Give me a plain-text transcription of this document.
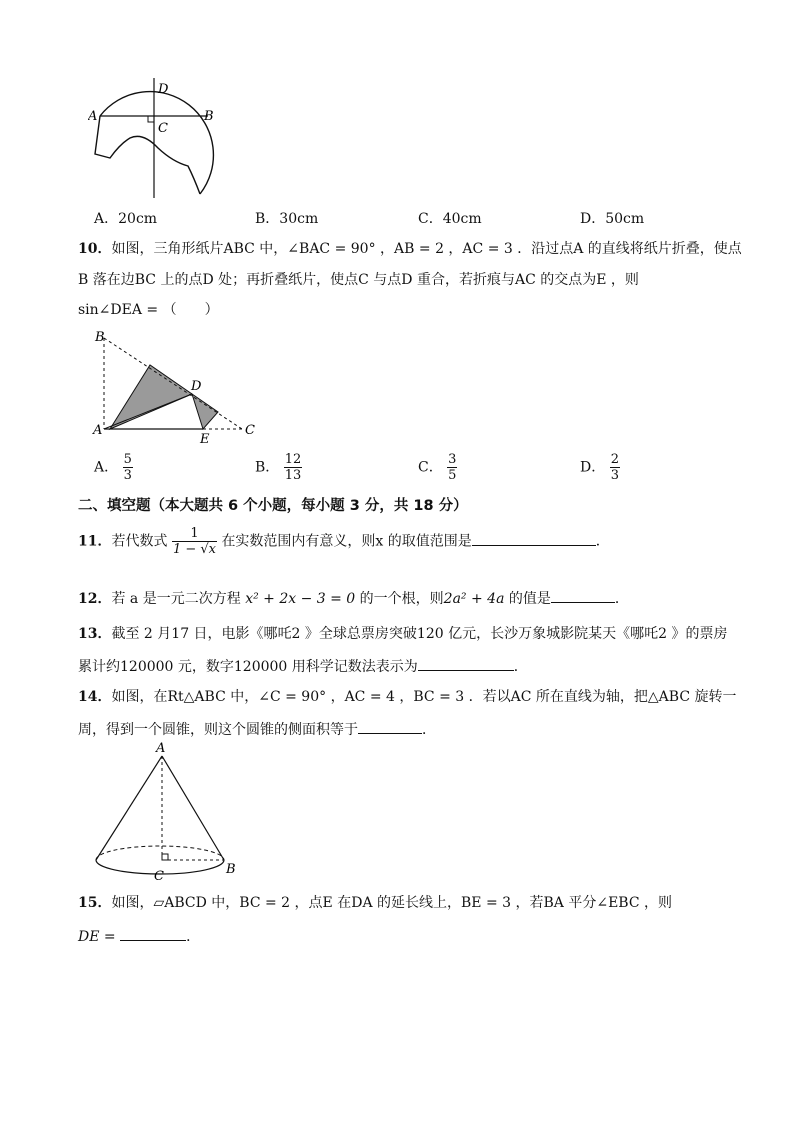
D
A	B
C
A．20cm	B．30cm	C．40cm	D．50cm
10．如图，三角形纸片ABC 中，∠BAC = 90° ，AB = 2 ，AC = 3 ．沿过点A 的直线将纸片折叠，使点
B 落在边BC 上的点D 处；再折叠纸片，使点C 与点D 重合，若折痕与AC 的交点为E ，则
sin∠DEA = （　　）
B
D
A
E
C
A． $\frac{5}{3}$	B． $\frac{12}{13}$	C． $\frac{3}{5}$	D． $\frac{2}{3}$
二、填空题（本大题共 6 个小题，每小题 3 分，共 18 分）
11．若代数式 $\frac{1}{1 - √x}$ 在实数范围内有意义，则x 的取值范围是	．
12．若 a 是一元二次方程 x² + 2x − 3 = 0 的一个根，则2a² + 4a 的值是	．
13．截至 2 月17 日，电影《哪吒2 》全球总票房突破120 亿元，长沙万象城影院某天《哪吒2 》的票房
累计约120000 元，数字120000 用科学记数法表示为	．
14．如图，在Rt△ABC 中，∠C = 90° ，AC = 4 ，BC = 3 ．若以AC 所在直线为轴，把△ABC 旋转一
周，得到一个圆锥，则这个圆锥的侧面积等于	．
A
B
C
15．如图，▱ABCD 中，BC = 2 ，点E 在DA 的延长线上，BE = 3 ，若BA 平分∠EBC ，则
DE =	．
